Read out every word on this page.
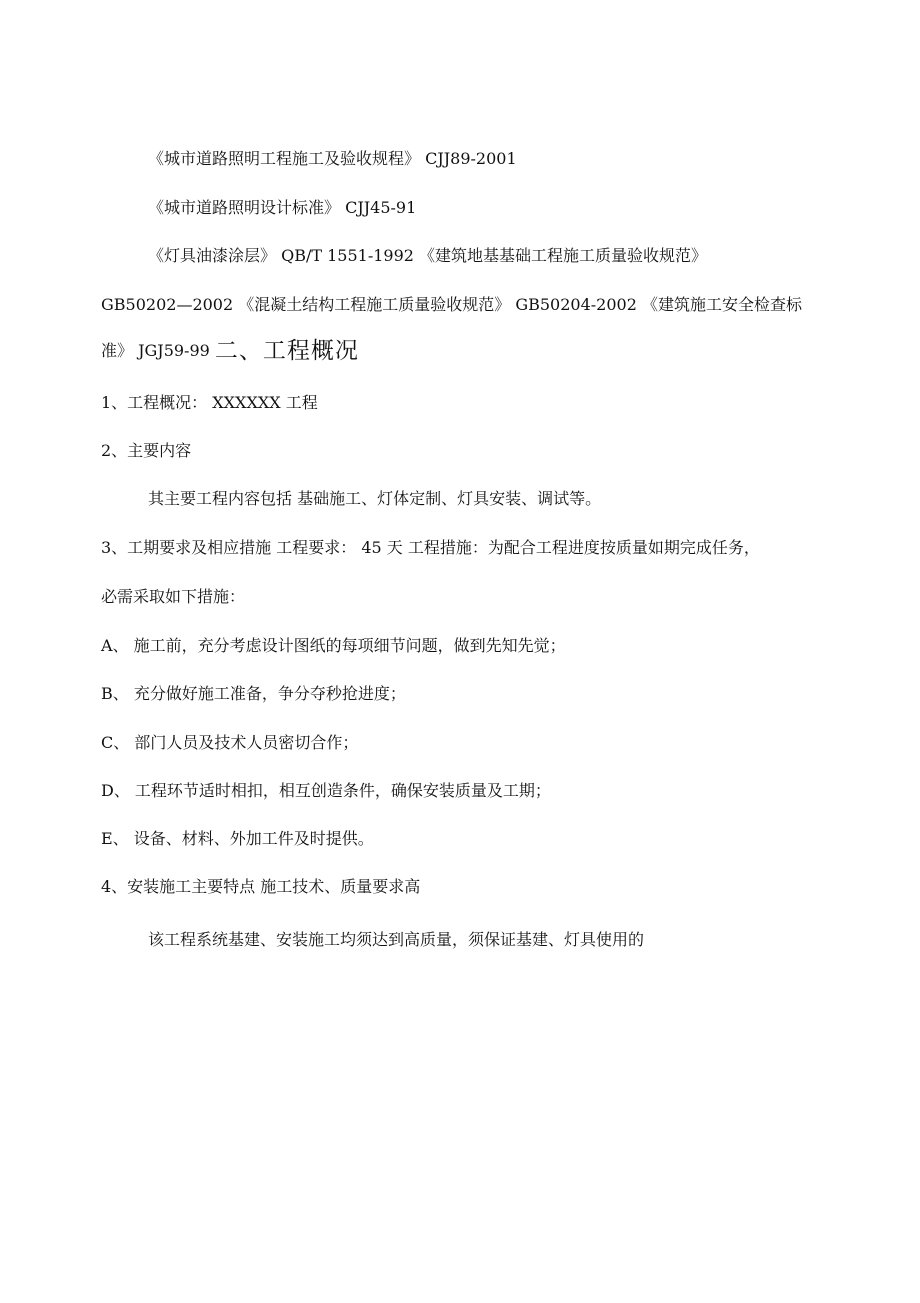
《城市道路照明工程施工及验收规程》 CJJ89-2001
《城市道路照明设计标准》 CJJ45-91
《灯具油漆涂层》 QB/T 1551-1992 《建筑地基基础工程施工质量验收规范》
GB50202—2002 《混凝土结构工程施工质量验收规范》 GB50204-2002 《建筑施工安全检查标
准》 JGJ59-99 二、工程概况
1、工程概况： XXXXXX 工程
2、主要内容
其主要工程内容包括 基础施工、灯体定制、灯具安装、调试等。
3、工期要求及相应措施 工程要求： 45 天 工程措施：为配合工程进度按质量如期完成任务，
必需采取如下措施：
A、 施工前，充分考虑设计图纸的每项细节问题，做到先知先觉；
B、 充分做好施工准备，争分夺秒抢进度；
C、 部门人员及技术人员密切合作；
D、 工程环节适时相扣，相互创造条件，确保安装质量及工期；
E、 设备、材料、外加工件及时提供。
4、安装施工主要特点 施工技术、质量要求高
该工程系统基建、安装施工均须达到高质量，须保证基建、灯具使用的
